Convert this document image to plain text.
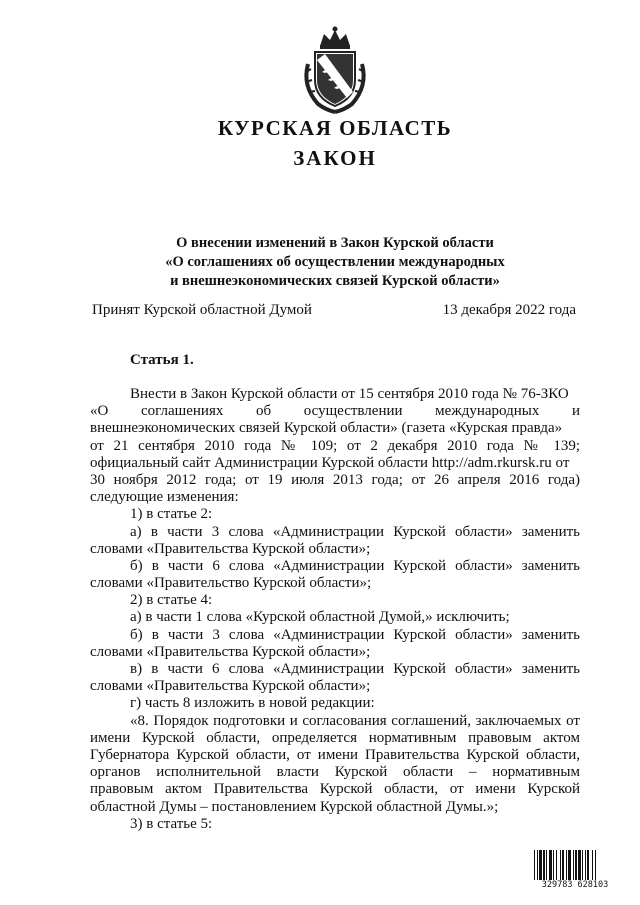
КУРСКАЯ ОБЛАСТЬ
ЗАКОН
О внесении изменений в Закон Курской области
«О соглашениях об осуществлении международных
и внешнеэкономических связей Курской области»
Принят Курской областной Думой	13 декабря 2022 года
Статья 1.
Внести в Закон Курской области от 15 сентября 2010 года № 76-ЗКО
«О соглашениях об осуществлении международных и
внешнеэкономических связей Курской области» (газета «Курская правда»
от 21 сентября 2010 года № 109; от 2 декабря 2010 года № 139;
официальный сайт Администрации Курской области http://adm.rkursk.ru от
30 ноября 2012 года; от 19 июля 2013 года; от 26 апреля 2016 года)
следующие изменения:
1) в статье 2:
а) в части 3 слова «Администрации Курской области» заменить
словами «Правительства Курской области»;
б) в части 6 слова «Администрации Курской области» заменить
словами «Правительство Курской области»;
2) в статье 4:
а) в части 1 слова «Курской областной Думой,» исключить;
б) в части 3 слова «Администрации Курской области» заменить
словами «Правительства Курской области»;
в) в части 6 слова «Администрации Курской области» заменить
словами «Правительства Курской области»;
г) часть 8 изложить в новой редакции:
«8. Порядок подготовки и согласования соглашений, заключаемых от
имени Курской области, определяется нормативным правовым актом
Губернатора Курской области, от имени Правительства Курской области,
органов исполнительной власти Курской области – нормативным
правовым актом Правительства Курской области, от имени Курской
областной Думы – постановлением Курской областной Думы.»;
3) в статье 5:
329783 628103
